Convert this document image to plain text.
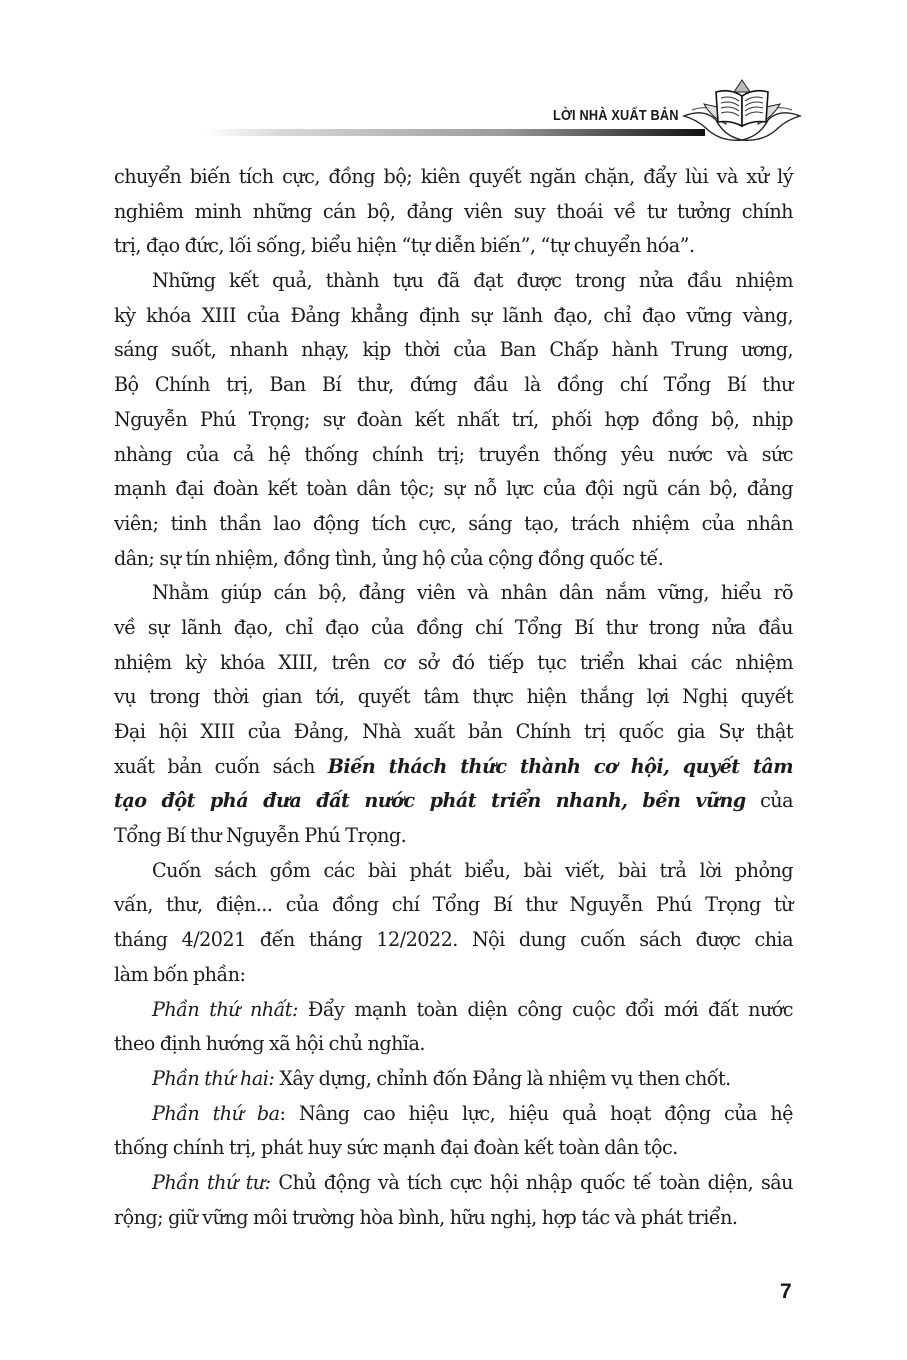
LỜI NHÀ XUẤT BẢN
chuyển biến tích cực, đồng bộ; kiên quyết ngăn chặn, đẩy lùi và xử lý
nghiêm minh những cán bộ, đảng viên suy thoái về tư tưởng chính
trị, đạo đức, lối sống, biểu hiện “tự diễn biến”, “tự chuyển hóa”.
Những kết quả, thành tựu đã đạt được trong nửa đầu nhiệm
kỳ khóa XIII của Đảng khẳng định sự lãnh đạo, chỉ đạo vững vàng,
sáng suốt, nhanh nhạy, kịp thời của Ban Chấp hành Trung ương,
Bộ Chính trị, Ban Bí thư, đứng đầu là đồng chí Tổng Bí thư
Nguyễn Phú Trọng; sự đoàn kết nhất trí, phối hợp đồng bộ, nhịp
nhàng của cả hệ thống chính trị; truyền thống yêu nước và sức
mạnh đại đoàn kết toàn dân tộc; sự nỗ lực của đội ngũ cán bộ, đảng
viên; tinh thần lao động tích cực, sáng tạo, trách nhiệm của nhân
dân; sự tín nhiệm, đồng tình, ủng hộ của cộng đồng quốc tế.
Nhằm giúp cán bộ, đảng viên và nhân dân nắm vững, hiểu rõ
về sự lãnh đạo, chỉ đạo của đồng chí Tổng Bí thư trong nửa đầu
nhiệm kỳ khóa XIII, trên cơ sở đó tiếp tục triển khai các nhiệm
vụ trong thời gian tới, quyết tâm thực hiện thắng lợi Nghị quyết
Đại hội XIII của Đảng, Nhà xuất bản Chính trị quốc gia Sự thật
xuất bản cuốn sách Biến thách thức thành cơ hội, quyết tâm
tạo đột phá đưa đất nước phát triển nhanh, bền vững của
Tổng Bí thư Nguyễn Phú Trọng.
Cuốn sách gồm các bài phát biểu, bài viết, bài trả lời phỏng
vấn, thư, điện... của đồng chí Tổng Bí thư Nguyễn Phú Trọng từ
tháng 4/2021 đến tháng 12/2022. Nội dung cuốn sách được chia
làm bốn phần:
Phần thứ nhất: Đẩy mạnh toàn diện công cuộc đổi mới đất nước
theo định hướng xã hội chủ nghĩa.
Phần thứ hai: Xây dựng, chỉnh đốn Đảng là nhiệm vụ then chốt.
Phần thứ ba: Nâng cao hiệu lực, hiệu quả hoạt động của hệ
thống chính trị, phát huy sức mạnh đại đoàn kết toàn dân tộc.
Phần thứ tư: Chủ động và tích cực hội nhập quốc tế toàn diện, sâu
rộng; giữ vững môi trường hòa bình, hữu nghị, hợp tác và phát triển.
7
